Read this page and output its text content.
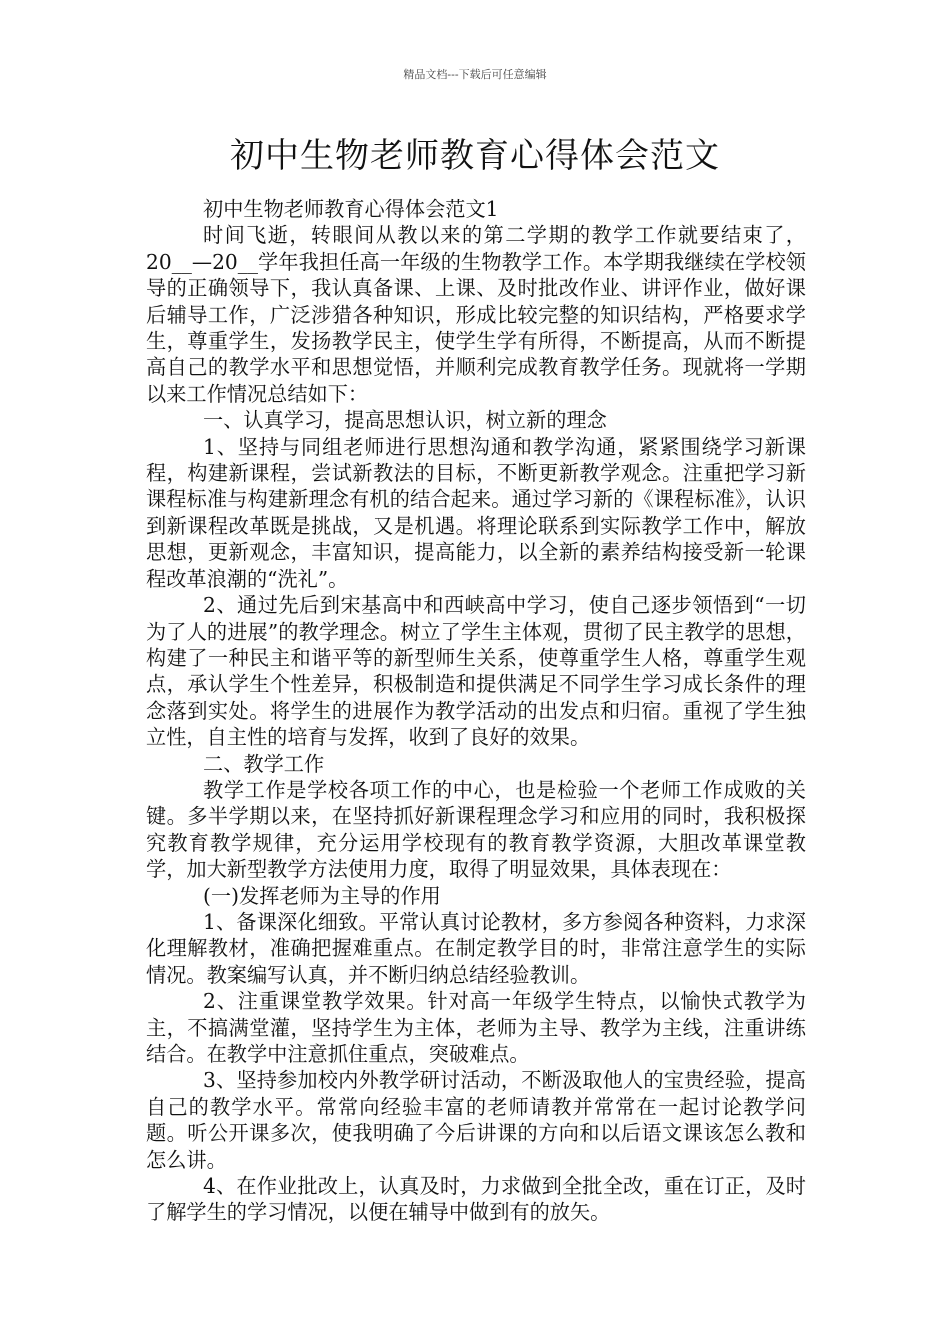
精品文档---下载后可任意编辑
初中生物老师教育心得体会范文

初中生物老师教育心得体会范文1

时间飞逝，转眼间从教以来的第二学期的教学工作就要结束了，20__—20__学年我担任高一年级的生物教学工作。本学期我继续在学校领导的正确领导下，我认真备课、上课、及时批改作业、讲评作业，做好课后辅导工作，广泛涉猎各种知识，形成比较完整的知识结构，严格要求学生，尊重学生，发扬教学民主，使学生学有所得，不断提高，从而不断提高自己的教学水平和思想觉悟，并顺利完成教育教学任务。现就将一学期以来工作情况总结如下：

一、认真学习，提高思想认识，树立新的理念

1、坚持与同组老师进行思想沟通和教学沟通，紧紧围绕学习新课程，构建新课程，尝试新教法的目标，不断更新教学观念。注重把学习新课程标准与构建新理念有机的结合起来。通过学习新的《课程标准》，认识到新课程改革既是挑战，又是机遇。将理论联系到实际教学工作中，解放思想，更新观念，丰富知识，提高能力，以全新的素养结构接受新一轮课程改革浪潮的“洗礼”。

2、通过先后到宋基高中和西峡高中学习，使自己逐步领悟到“一切为了人的进展”的教学理念。树立了学生主体观，贯彻了民主教学的思想，构建了一种民主和谐平等的新型师生关系，使尊重学生人格，尊重学生观点，承认学生个性差异，积极制造和提供满足不同学生学习成长条件的理念落到实处。将学生的进展作为教学活动的出发点和归宿。重视了学生独立性，自主性的培育与发挥，收到了良好的效果。

二、教学工作

教学工作是学校各项工作的中心，也是检验一个老师工作成败的关键。多半学期以来，在坚持抓好新课程理念学习和应用的同时，我积极探究教育教学规律，充分运用学校现有的教育教学资源，大胆改革课堂教学，加大新型教学方法使用力度，取得了明显效果，具体表现在：

(一)发挥老师为主导的作用

1、备课深化细致。平常认真讨论教材，多方参阅各种资料，力求深化理解教材，准确把握难重点。在制定教学目的时，非常注意学生的实际情况。教案编写认真，并不断归纳总结经验教训。

2、注重课堂教学效果。针对高一年级学生特点，以愉快式教学为主，不搞满堂灌，坚持学生为主体，老师为主导、教学为主线，注重讲练结合。在教学中注意抓住重点，突破难点。

3、坚持参加校内外教学研讨活动，不断汲取他人的宝贵经验，提高自己的教学水平。常常向经验丰富的老师请教并常常在一起讨论教学问题。听公开课多次，使我明确了今后讲课的方向和以后语文课该怎么教和怎么讲。

4、在作业批改上，认真及时，力求做到全批全改，重在订正，及时了解学生的学习情况，以便在辅导中做到有的放矢。
